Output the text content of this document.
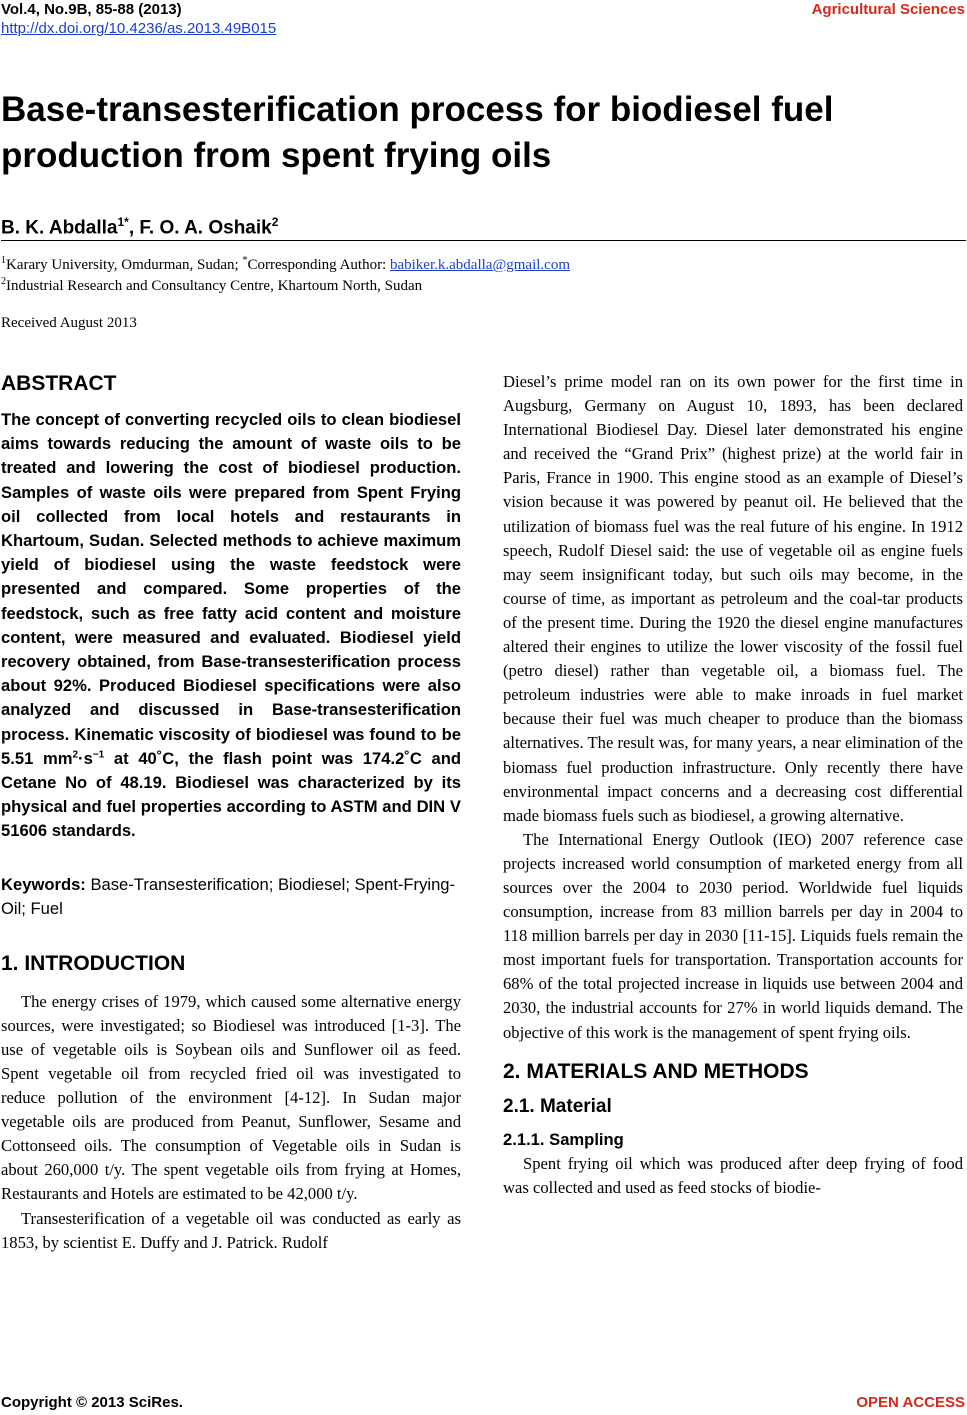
Vol.4, No.9B, 85-88 (2013)
http://dx.doi.org/10.4236/as.2013.49B015
Agricultural Sciences
Base-transesterification process for biodiesel fuel production from spent frying oils
B. K. Abdalla$^{1*}$, F. O. A. Oshaik$^2$
$^1$Karary University, Omdurman, Sudan; *Corresponding Author: babiker.k.abdalla@gmail.com
$^2$Industrial Research and Consultancy Centre, Khartoum North, Sudan
Received August 2013
ABSTRACT

The concept of converting recycled oils to clean biodiesel aims towards reducing the amount of waste oils to be treated and lowering the cost of biodiesel production. Samples of waste oils were prepared from Spent Frying oil collected from local hotels and restaurants in Khartoum, Sudan. Selected methods to achieve maximum yield of biodiesel using the waste feedstock were presented and compared. Some properties of the feedstock, such as free fatty acid content and moisture content, were measured and evaluated. Biodiesel yield recovery obtained, from Base-transesterification process about 92%. Produced Biodiesel specifications were also analyzed and discussed in Base-transesterification process. Kinematic viscosity of biodiesel was found to be 5.51 $mm^2\cdot s^{-1}$ at 40˚C, the flash point was 174.2˚C and Cetane No of 48.19. Biodiesel was characterized by its physical and fuel properties according to ASTM and DIN V 51606 standards.

Keywords: Base-Transesterification; Biodiesel; Spent-Frying-Oil; Fuel

1. INTRODUCTION

The energy crises of 1979, which caused some alternative energy sources, were investigated; so Biodiesel was introduced [1-3]. The use of vegetable oils is Soybean oils and Sunflower oil as feed. Spent vegetable oil from recycled fried oil was investigated to reduce pollution of the environment [4-12]. In Sudan major vegetable oils are produced from Peanut, Sunflower, Sesame and Cottonseed oils. The consumption of Vegetable oils in Sudan is about 260,000 t/y. The spent vegetable oils from frying at Homes, Restaurants and Hotels are estimated to be 42,000 t/y.

Transesterification of a vegetable oil was conducted as early as 1853, by scientist E. Duffy and J. Patrick. Rudolf

Diesel’s prime model ran on its own power for the first time in Augsburg, Germany on August 10, 1893, has been declared International Biodiesel Day. Diesel later demonstrated his engine and received the “Grand Prix” (highest prize) at the world fair in Paris, France in 1900. This engine stood as an example of Diesel’s vision because it was powered by peanut oil. He believed that the utilization of biomass fuel was the real future of his engine. In 1912 speech, Rudolf Diesel said: the use of vegetable oil as engine fuels may seem insignificant today, but such oils may become, in the course of time, as important as petroleum and the coal-tar products of the present time. During the 1920 the diesel engine manufactures altered their engines to utilize the lower viscosity of the fossil fuel (petro diesel) rather than vegetable oil, a biomass fuel. The petroleum industries were able to make inroads in fuel market because their fuel was much cheaper to produce than the biomass alternatives. The result was, for many years, a near elimination of the biomass fuel production infrastructure. Only recently there have environmental impact concerns and a decreasing cost differential made biomass fuels such as biodiesel, a growing alternative.

The International Energy Outlook (IEO) 2007 reference case projects increased world consumption of marketed energy from all sources over the 2004 to 2030 period. Worldwide fuel liquids consumption, increase from 83 million barrels per day in 2004 to 118 million barrels per day in 2030 [11-15]. Liquids fuels remain the most important fuels for transportation. Transportation accounts for 68% of the total projected increase in liquids use between 2004 and 2030, the industrial accounts for 27% in world liquids demand. The objective of this work is the management of spent frying oils.

2. MATERIALS AND METHODS
2.1. Material
2.1.1. Sampling

Spent frying oil which was produced after deep frying of food was collected and used as feed stocks of biodie-

Copyright © 2013 SciRes.	OPEN ACCESS
